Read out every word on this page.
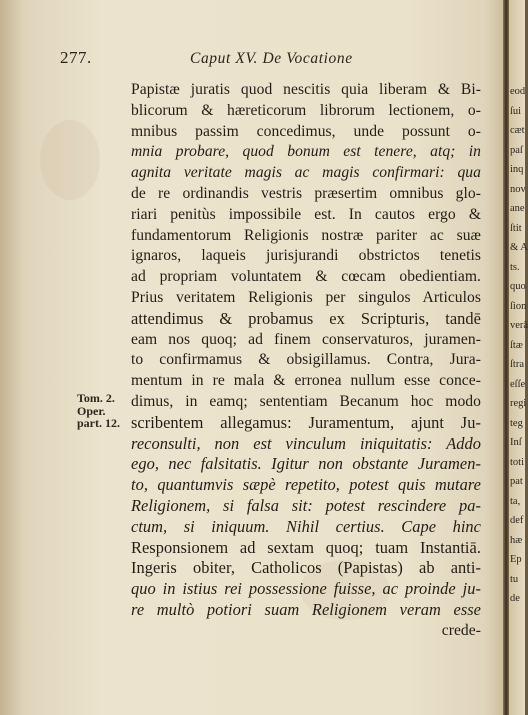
277.	Caput XV. De Vocatione
Tom. 2.
Oper.
part. 12.
Papistæ juratis quod nescitis quia liberam & Bi-
blicorum & hæreticorum librorum lectionem, o-
mnibus passim concedimus, unde possunt o-
mnia probare, quod bonum est tenere, atq; in
agnita veritate magis ac magis confirmari: qua
de re ordinandis vestris præsertim omnibus glo-
riari penitùs impossibile est. In cautos ergo &
fundamentorum Religionis nostræ pariter ac suæ
ignaros, laqueis jurisjurandi obstrictos tenetis
ad propriam voluntatem & cœcam obedientiam.
Prius veritatem Religionis per singulos Articulos
attendimus & probamus ex Scripturis, tandē
eam nos quoq; ad finem conservaturos, juramen-
to confirmamus & obsigillamus. Contra, Jura-
mentum in re mala & erronea nullum esse conce-
dimus, in eamq; sententiam Becanum hoc modo
scribentem allegamus: Juramentum, ajunt Ju-
reconsulti, non est vinculum iniquitatis: Addo
ego, nec falsitatis. Igitur non obstante Juramen-
to, quantumvis sæpè repetito, potest quis mutare
Religionem, si falsa sit: potest rescindere pa-
ctum, si iniquum. Nihil certius. Cape hinc
Responsionem ad sextam quoq; tuam Instantiā.
Ingeris obiter, Catholicos (Papistas) ab anti-
quo in istius rei possessione fuisse, ac proinde ju-
re multò potiori suam Religionem veram esse
crede-
eod
ſui
cæt
paſ
inq
nov
ane
ſtit
& A
ts.
quo
ſion
verā
ſtæ
ſtra
eſſe
regi
teg
Inſ
toti
pat
ta,
def
hæ
Ep
tu
de
